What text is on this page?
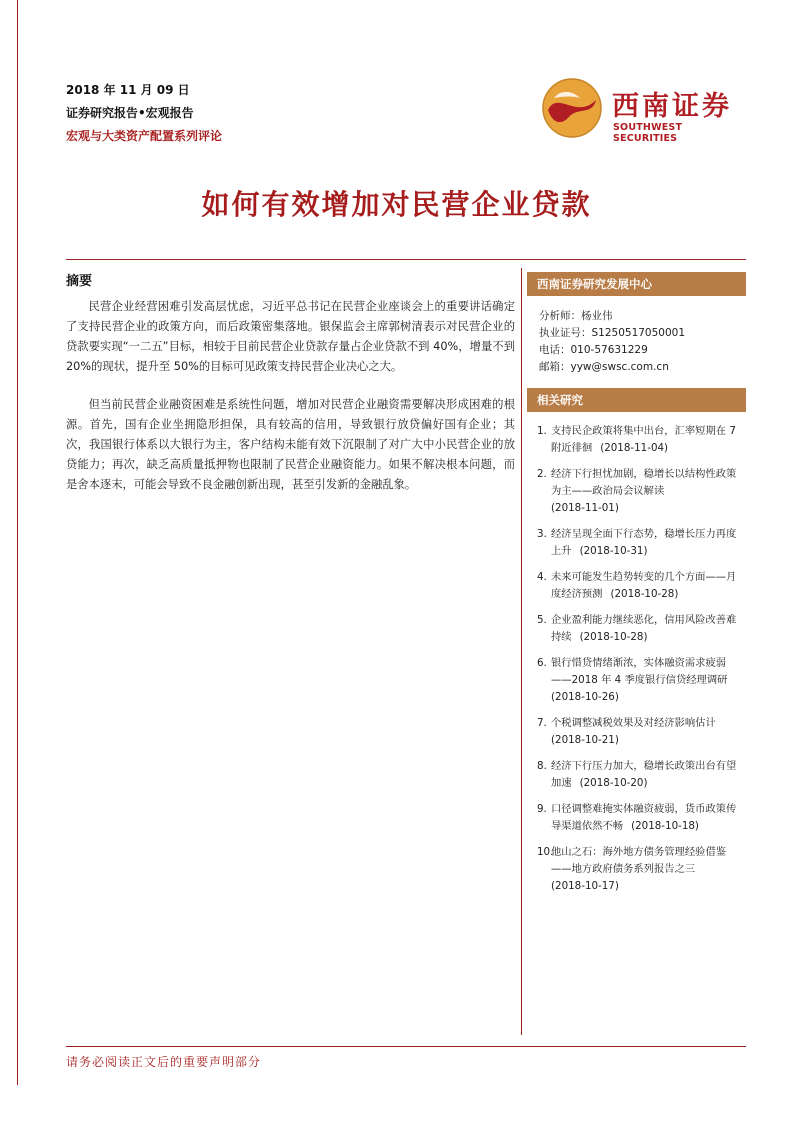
2018 年 11 月 09 日
证券研究报告•宏观报告
宏观与大类资产配置系列评论
西南证券
SOUTHWEST SECURITIES
如何有效增加对民营企业贷款
摘要

民营企业经营困难引发高层忧虑，习近平总书记在民营企业座谈会上的重要讲话确定了支持民营企业的政策方向，而后政策密集落地。银保监会主席郭树清表示对民营企业的贷款要实现“一二五”目标，相较于目前民营企业贷款存量占企业贷款不到 40%，增量不到 20%的现状，提升至 50%的目标可见政策支持民营企业决心之大。

但当前民营企业融资困难是系统性问题，增加对民营企业融资需要解决形成困难的根源。首先，国有企业坐拥隐形担保，具有较高的信用，导致银行放贷偏好国有企业；其次，我国银行体系以大银行为主，客户结构未能有效下沉限制了对广大中小民营企业的放贷能力；再次，缺乏高质量抵押物也限制了民营企业融资能力。如果不解决根本问题，而是舍本逐末，可能会导致不良金融创新出现，甚至引发新的金融乱象。

西南证券研究发展中心
分析师： 杨业伟
执业证号： S1250517050001
电话： 010-57631229
邮箱： yyw@swsc.com.cn
相关研究
1. 支持民企政策将集中出台，汇率短期在 7 附近徘徊 (2018-11-04)
2. 经济下行担忧加剧，稳增长以结构性政策为主——政治局会议解读
(2018-11-01)
3. 经济呈现全面下行态势，稳增长压力再度上升 (2018-10-31)
4. 未来可能发生趋势转变的几个方面——月度经济预测 (2018-10-28)
5. 企业盈利能力继续恶化，信用风险改善难持续 (2018-10-28)
6. 银行惜贷情绪渐浓，实体融资需求疲弱——2018 年 4 季度银行信贷经理调研
(2018-10-26)
7. 个税调整减税效果及对经济影响估计
(2018-10-21)
8. 经济下行压力加大，稳增长政策出台有望加速 (2018-10-20)
9. 口径调整难掩实体融资疲弱，货币政策传导渠道依然不畅 (2018-10-18)
10.
他山之石：海外地方债务管理经验借鉴——地方政府债务系列报告之三
(2018-10-17)
请务必阅读正文后的重要声明部分
